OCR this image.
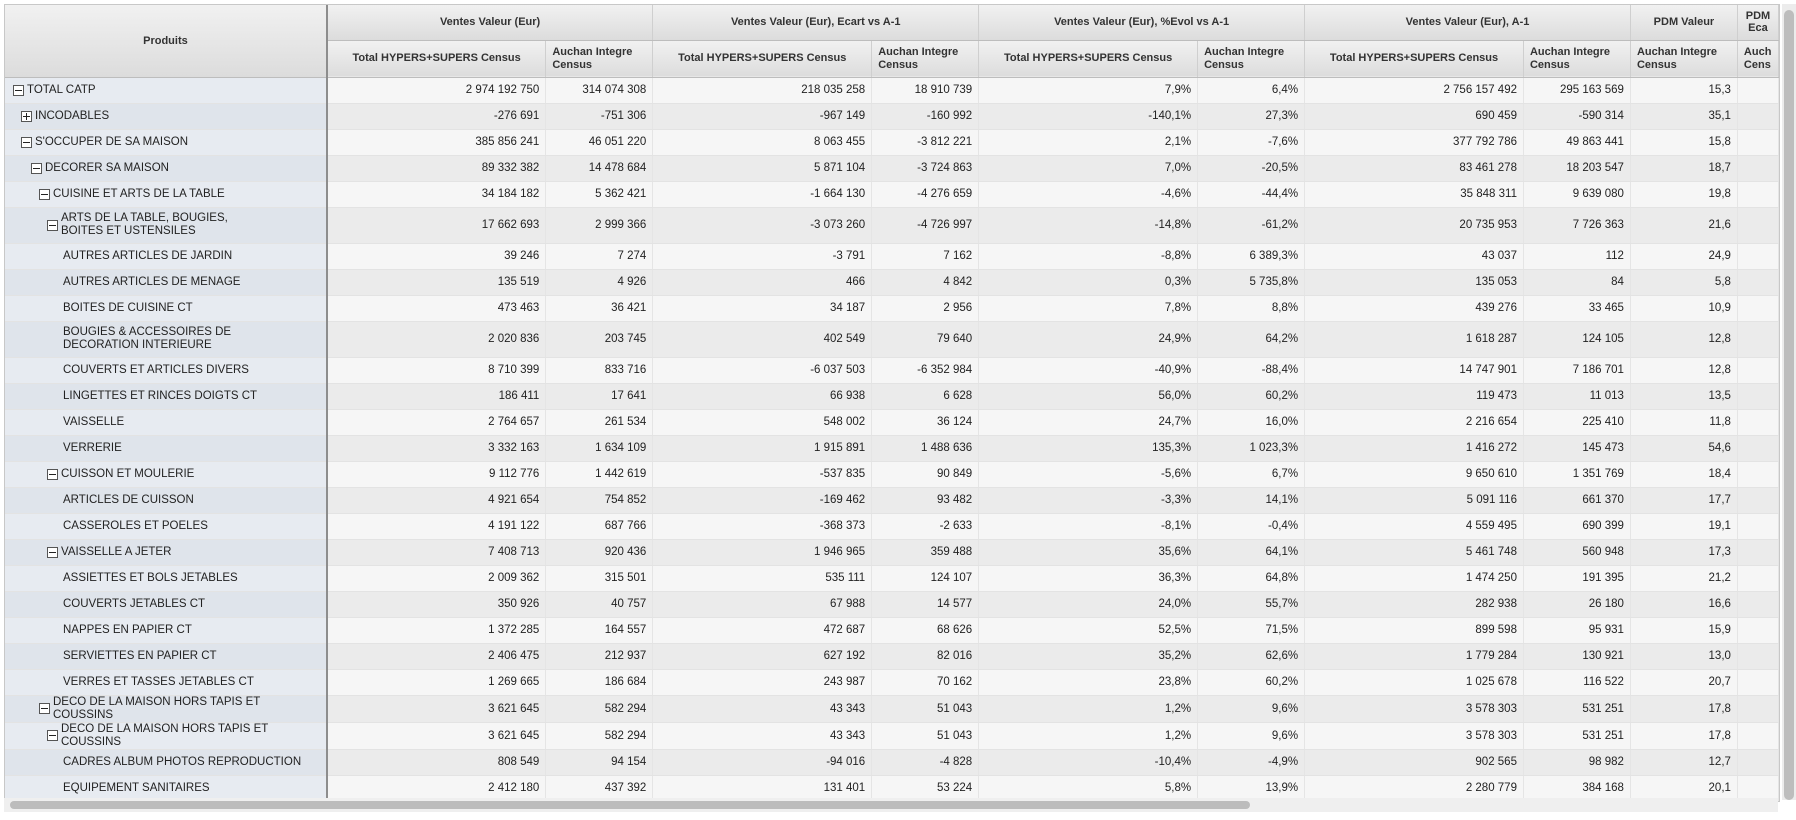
Produits	Ventes Valeur (Eur)		Ventes Valeur (Eur), Ecart vs A-1		Ventes Valeur (Eur), %Evol vs A-1		Ventes Valeur (Eur), A-1		PDM Valeur	PDM Eca
	Total HYPERS+SUPERS Census	Auchan Integre Census	Total HYPERS+SUPERS Census	Auchan Integre Census	Total HYPERS+SUPERS Census	Auchan Integre Census	Total HYPERS+SUPERS Census	Auchan Integre Census	Auchan Integre Census	Auch Cens

TOTAL CATP	2 974 192 750	314 074 308	218 035 258	18 910 739	7,9%	6,4%	2 756 157 492	295 163 569	15,3	

INCODABLES	-276 691	-751 306	-967 149	-160 992	-140,1%	27,3%	690 459	-590 314	35,1	

S'OCCUPER DE SA MAISON	385 856 241	46 051 220	8 063 455	-3 812 221	2,1%	-7,6%	377 792 786	49 863 441	15,8	

DECORER SA MAISON	89 332 382	14 478 684	5 871 104	-3 724 863	7,0%	-20,5%	83 461 278	18 203 547	18,7	

CUISINE ET ARTS DE LA TABLE	34 184 182	5 362 421	-1 664 130	-4 276 659	-4,6%	-44,4%	35 848 311	9 639 080	19,8	

ARTS DE LA TABLE, BOUGIES, BOITES ET USTENSILES	17 662 693	2 999 366	-3 073 260	-4 726 997	-14,8%	-61,2%	20 735 953	7 726 363	21,6	

AUTRES ARTICLES DE JARDIN	39 246	7 274	-3 791	7 162	-8,8%	6 389,3%	43 037	112	24,9	

AUTRES ARTICLES DE MENAGE	135 519	4 926	466	4 842	0,3%	5 735,8%	135 053	84	5,8	

BOITES DE CUISINE CT	473 463	36 421	34 187	2 956	7,8%	8,8%	439 276	33 465	10,9	

BOUGIES & ACCESSOIRES DE DECORATION INTERIEURE	2 020 836	203 745	402 549	79 640	24,9%	64,2%	1 618 287	124 105	12,8	

COUVERTS ET ARTICLES DIVERS	8 710 399	833 716	-6 037 503	-6 352 984	-40,9%	-88,4%	14 747 901	7 186 701	12,8	

LINGETTES ET RINCES DOIGTS CT	186 411	17 641	66 938	6 628	56,0%	60,2%	119 473	11 013	13,5	

VAISSELLE	2 764 657	261 534	548 002	36 124	24,7%	16,0%	2 216 654	225 410	11,8	

VERRERIE	3 332 163	1 634 109	1 915 891	1 488 636	135,3%	1 023,3%	1 416 272	145 473	54,6	

CUISSON ET MOULERIE	9 112 776	1 442 619	-537 835	90 849	-5,6%	6,7%	9 650 610	1 351 769	18,4	

ARTICLES DE CUISSON	4 921 654	754 852	-169 462	93 482	-3,3%	14,1%	5 091 116	661 370	17,7	

CASSEROLES ET POELES	4 191 122	687 766	-368 373	-2 633	-8,1%	-0,4%	4 559 495	690 399	19,1	

VAISSELLE A JETER	7 408 713	920 436	1 946 965	359 488	35,6%	64,1%	5 461 748	560 948	17,3	

ASSIETTES ET BOLS JETABLES	2 009 362	315 501	535 111	124 107	36,3%	64,8%	1 474 250	191 395	21,2	

COUVERTS JETABLES CT	350 926	40 757	67 988	14 577	24,0%	55,7%	282 938	26 180	16,6	

NAPPES EN PAPIER CT	1 372 285	164 557	472 687	68 626	52,5%	71,5%	899 598	95 931	15,9	

SERVIETTES EN PAPIER CT	2 406 475	212 937	627 192	82 016	35,2%	62,6%	1 779 284	130 921	13,0	

VERRES ET TASSES JETABLES CT	1 269 665	186 684	243 987	70 162	23,8%	60,2%	1 025 678	116 522	20,7	

DECO DE LA MAISON HORS TAPIS ET COUSSINS	3 621 645	582 294	43 343	51 043	1,2%	9,6%	3 578 303	531 251	17,8	

DECO DE LA MAISON HORS TAPIS ET COUSSINS	3 621 645	582 294	43 343	51 043	1,2%	9,6%	3 578 303	531 251	17,8	

CADRES ALBUM PHOTOS REPRODUCTION	808 549	94 154	-94 016	-4 828	-10,4%	-4,9%	902 565	98 982	12,7	

EQUIPEMENT SANITAIRES	2 412 180	437 392	131 401	53 224	5,8%	13,9%	2 280 779	384 168	20,1	
